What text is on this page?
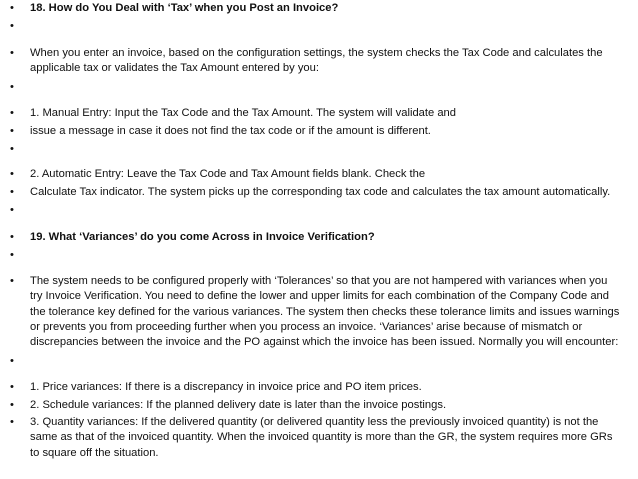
• 18. How do You Deal with ‘Tax’ when you Post an Invoice?
•
• When you enter an invoice, based on the configuration settings, the system checks the Tax Code and calculates the
applicable tax or validates the Tax Amount entered by you:
•
• 1. Manual Entry: Input the Tax Code and the Tax Amount. The system will validate and
• issue a message in case it does not find the tax code or if the amount is different.
•
• 2. Automatic Entry: Leave the Tax Code and Tax Amount fields blank. Check the
• Calculate Tax indicator. The system picks up the corresponding tax code and calculates the tax amount automatically.
•
• 19. What ‘Variances’ do you come Across in Invoice Verification?
•
• The system needs to be configured properly with ‘Tolerances’ so that you are not hampered with variances when you
try Invoice Verification. You need to define the lower and upper limits for each combination of the Company Code and
the tolerance key defined for the various variances. The system then checks these tolerance limits and issues warnings
or prevents you from proceeding further when you process an invoice. ‘Variances’ arise because of mismatch or
discrepancies between the invoice and the PO against which the invoice has been issued. Normally you will encounter:
•
• 1. Price variances: If there is a discrepancy in invoice price and PO item prices.
• 2. Schedule variances: If the planned delivery date is later than the invoice postings.
• 3. Quantity variances: If the delivered quantity (or delivered quantity less the previously invoiced quantity) is not the
same as that of the invoiced quantity. When the invoiced quantity is more than the GR, the system requires more GRs
to square off the situation.
